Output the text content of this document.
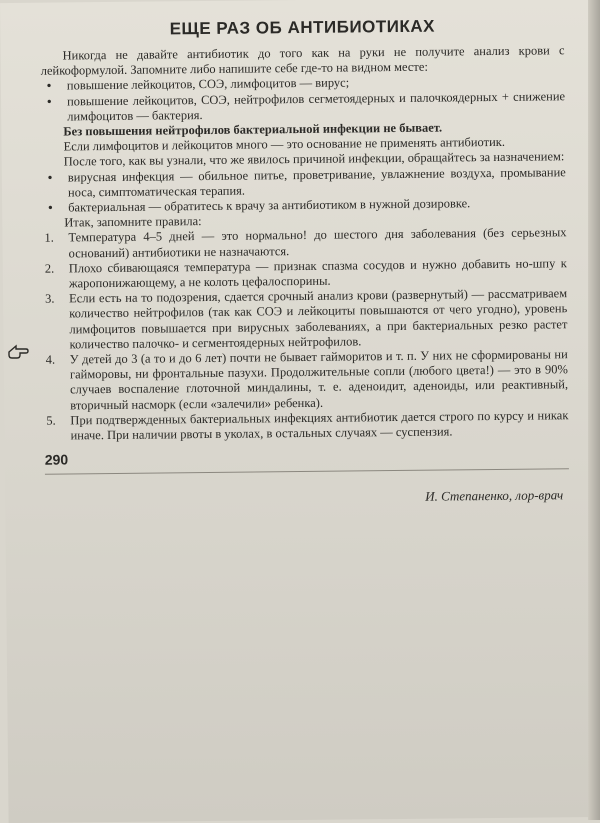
ЕЩЕ РАЗ ОБ АНТИБИОТИКАХ

Никогда не давайте антибиотик до того как на руки не получите анализ крови с лейкоформулой. Запомните либо напишите себе где-то на видном месте:

• повышение лейкоцитов, СОЭ, лимфоцитов — вирус;
• повышение лейкоцитов, СОЭ, нейтрофилов сегметоядерных и палочкоядерных + снижение лимфоцитов — бактерия.

Без повышения нейтрофилов бактериальной инфекции не бывает.

Если лимфоцитов и лейкоцитов много — это основание не применять антибиотик.

После того, как вы узнали, что же явилось причиной инфекции, обращайтесь за назначением:

• вирусная инфекция — обильное питье, проветривание, увлажнение воздуха, промывание носа, симптоматическая терапия.
• бактериальная — обратитесь к врачу за антибиотиком в нужной дозировке.

Итак, запомните правила:

1. Температура 4–5 дней — это нормально! до шестого дня заболевания (без серьезных оснований) антибиотики не назначаются.
2. Плохо сбивающаяся температура — признак спазма сосудов и нужно добавить но-шпу к жаропонижающему, а не колоть цефалоспорины.
3. Если есть на то подозрения, сдается срочный анализ крови (развернутый) — рассматриваем количество нейтрофилов (так как СОЭ и лейкоциты повышаются от чего угодно), уровень лимфоцитов повышается при вирусных заболеваниях, а при бактериальных резко растет количество палочко- и сегментоядерных нейтрофилов.
4. У детей до 3 (а то и до 6 лет) почти не бывает гайморитов и т. п. У них не сформированы ни гайморовы, ни фронтальные пазухи. Продолжительные сопли (любого цвета!) — это в 90% случаев воспаление глоточной миндалины, т. е. аденоидит, аденоиды, или реактивный, вторичный насморк (если «залечили» ребенка).
5. При подтвержденных бактериальных инфекциях антибиотик дается строго по курсу и никак иначе. При наличии рвоты в уколах, в остальных случаях — суспензия.
290
И. Степаненко, лор-врач
